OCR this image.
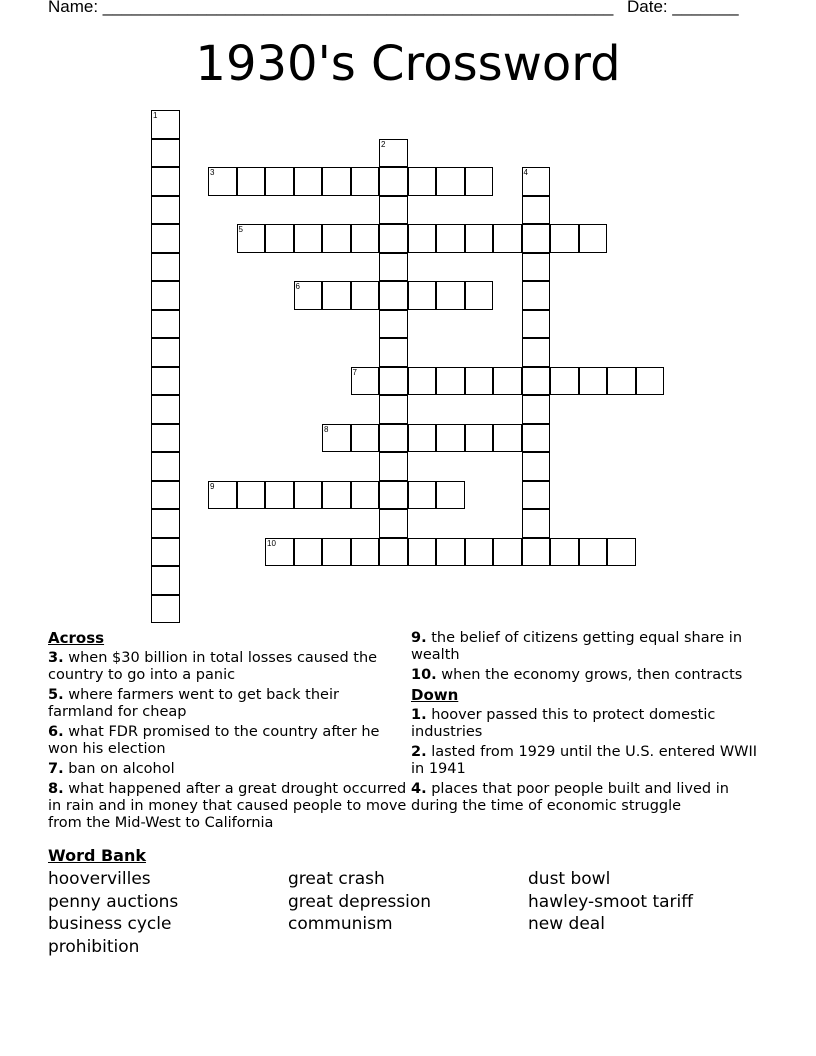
Name: ______________________________________________________ Date: _______
1930's Crossword
1
2
3	4
5
6
7
8
9
10
Across
3. when $30 billion in total losses caused the country to go into a panic
5. where farmers went to get back their farmland for cheap
6. what FDR promised to the country after he won his election
7. ban on alcohol
8. what happened after a great drought occurred in rain and in money that caused people to move from the Mid-West to California
9. the belief of citizens getting equal share in wealth
10. when the economy grows, then contracts
Down
1. hoover passed this to protect domestic industries
2. lasted from 1929 until the U.S. entered WWII in 1941
4. places that poor people built and lived in during the time of economic struggle
Word Bank
hoovervilles	great crash	dust bowl
penny auctions	great depression	hawley-smoot tariff
business cycle	communism	new deal
prohibition
